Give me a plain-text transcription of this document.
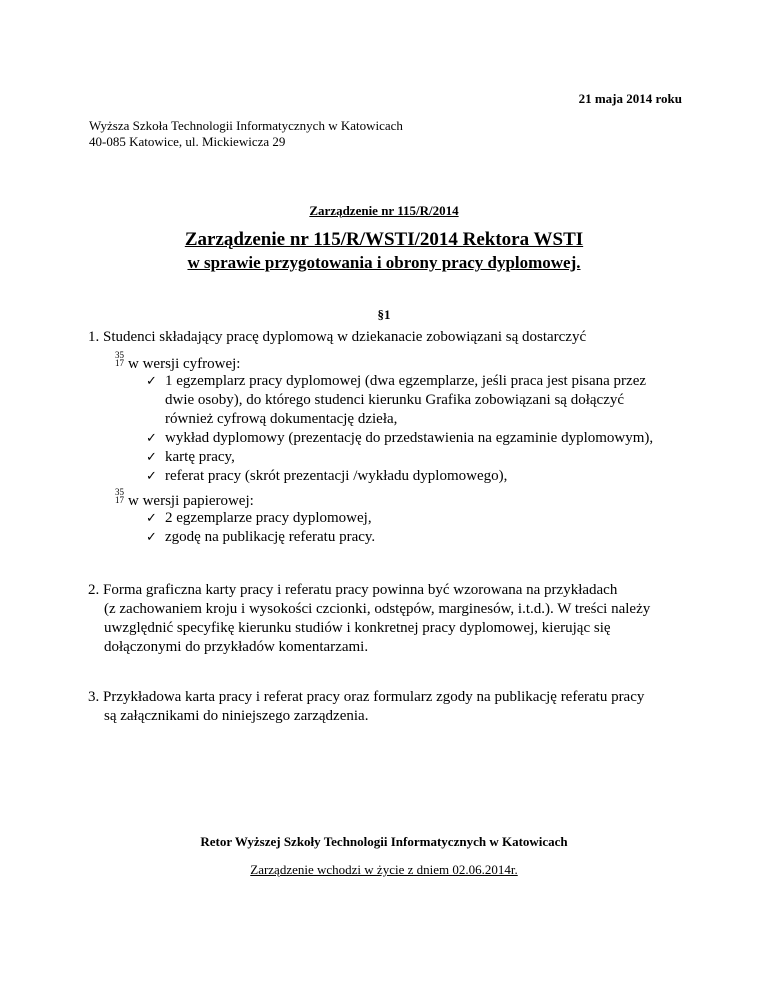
21 maja 2014 roku
Wyższa Szkoła Technologii Informatycznych w Katowicach
40-085 Katowice, ul. Mickiewicza 29
Zarządzenie nr 115/R/2014
Zarządzenie nr 115/R/WSTI/2014 Rektora WSTI
w sprawie przygotowania i obrony pracy dyplomowej.
§1
1. Studenci składający pracę dyplomową w dziekanacie zobowiązani są dostarczyć
35
17 w wersji cyfrowej:
✓ 1 egzemplarz pracy dyplomowej (dwa egzemplarze, jeśli praca jest pisana przez
dwie osoby), do którego studenci kierunku Grafika zobowiązani są dołączyć
również cyfrową dokumentację dzieła,
✓ wykład dyplomowy (prezentację do przedstawienia na egzaminie dyplomowym),
✓ kartę pracy,
✓ referat pracy (skrót prezentacji /wykładu dyplomowego),
35
17 w wersji papierowej:
✓ 2 egzemplarze pracy dyplomowej,
✓ zgodę na publikację referatu pracy.
2. Forma graficzna karty pracy i referatu pracy powinna być wzorowana na przykładach
(z zachowaniem kroju i wysokości czcionki, odstępów, marginesów, i.t.d.). W treści należy
uwzględnić specyfikę kierunku studiów i konkretnej pracy dyplomowej, kierując się
dołączonymi do przykładów komentarzami.
3. Przykładowa karta pracy i referat pracy oraz formularz zgody na publikację referatu pracy
są załącznikami do niniejszego zarządzenia.
Retor Wyższej Szkoły Technologii Informatycznych w Katowicach
Zarządzenie wchodzi w życie z dniem 02.06.2014r.
